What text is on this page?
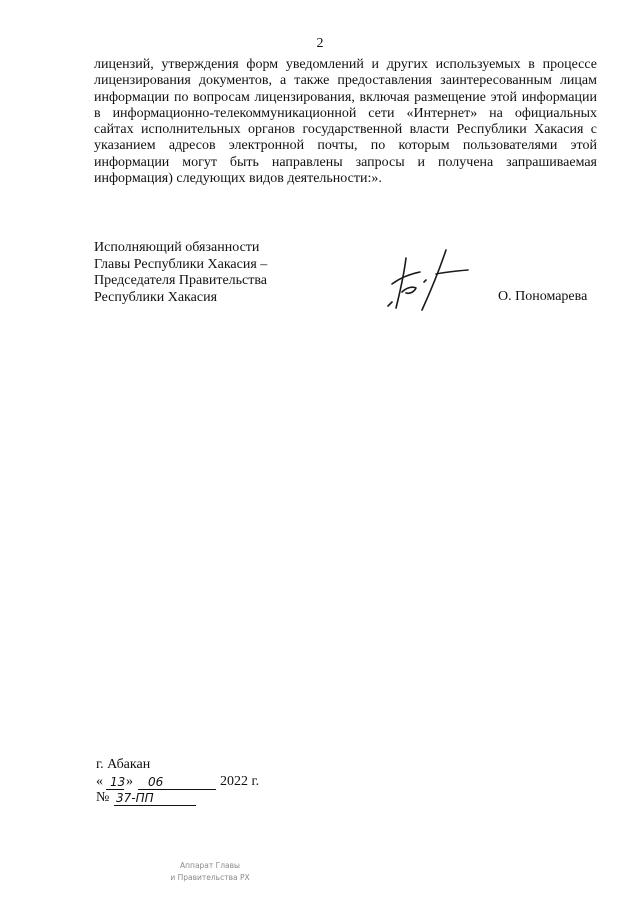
2
лицензий, утверждения форм уведомлений и других используемых в процессе
лицензирования документов, а также предоставления заинтересованным лицам
информации по вопросам лицензирования, включая размещение этой информации
в информационно-телекоммуникационной сети «Интернет» на официальных
сайтах исполнительных органов государственной власти Республики Хакасия с
указанием адресов электронной почты, по которым пользователями этой
информации могут быть направлены запросы и получена запрашиваемая
информация) следующих видов деятельности:».
Исполняющий обязанности
Главы Республики Хакасия –
Председателя Правительства
Республики Хакасия	О. Пономарева
г. Абакан
« 13 » 06	2022 г.
№ 37-ПП
Аппарат Главы
и Правительства РХ
